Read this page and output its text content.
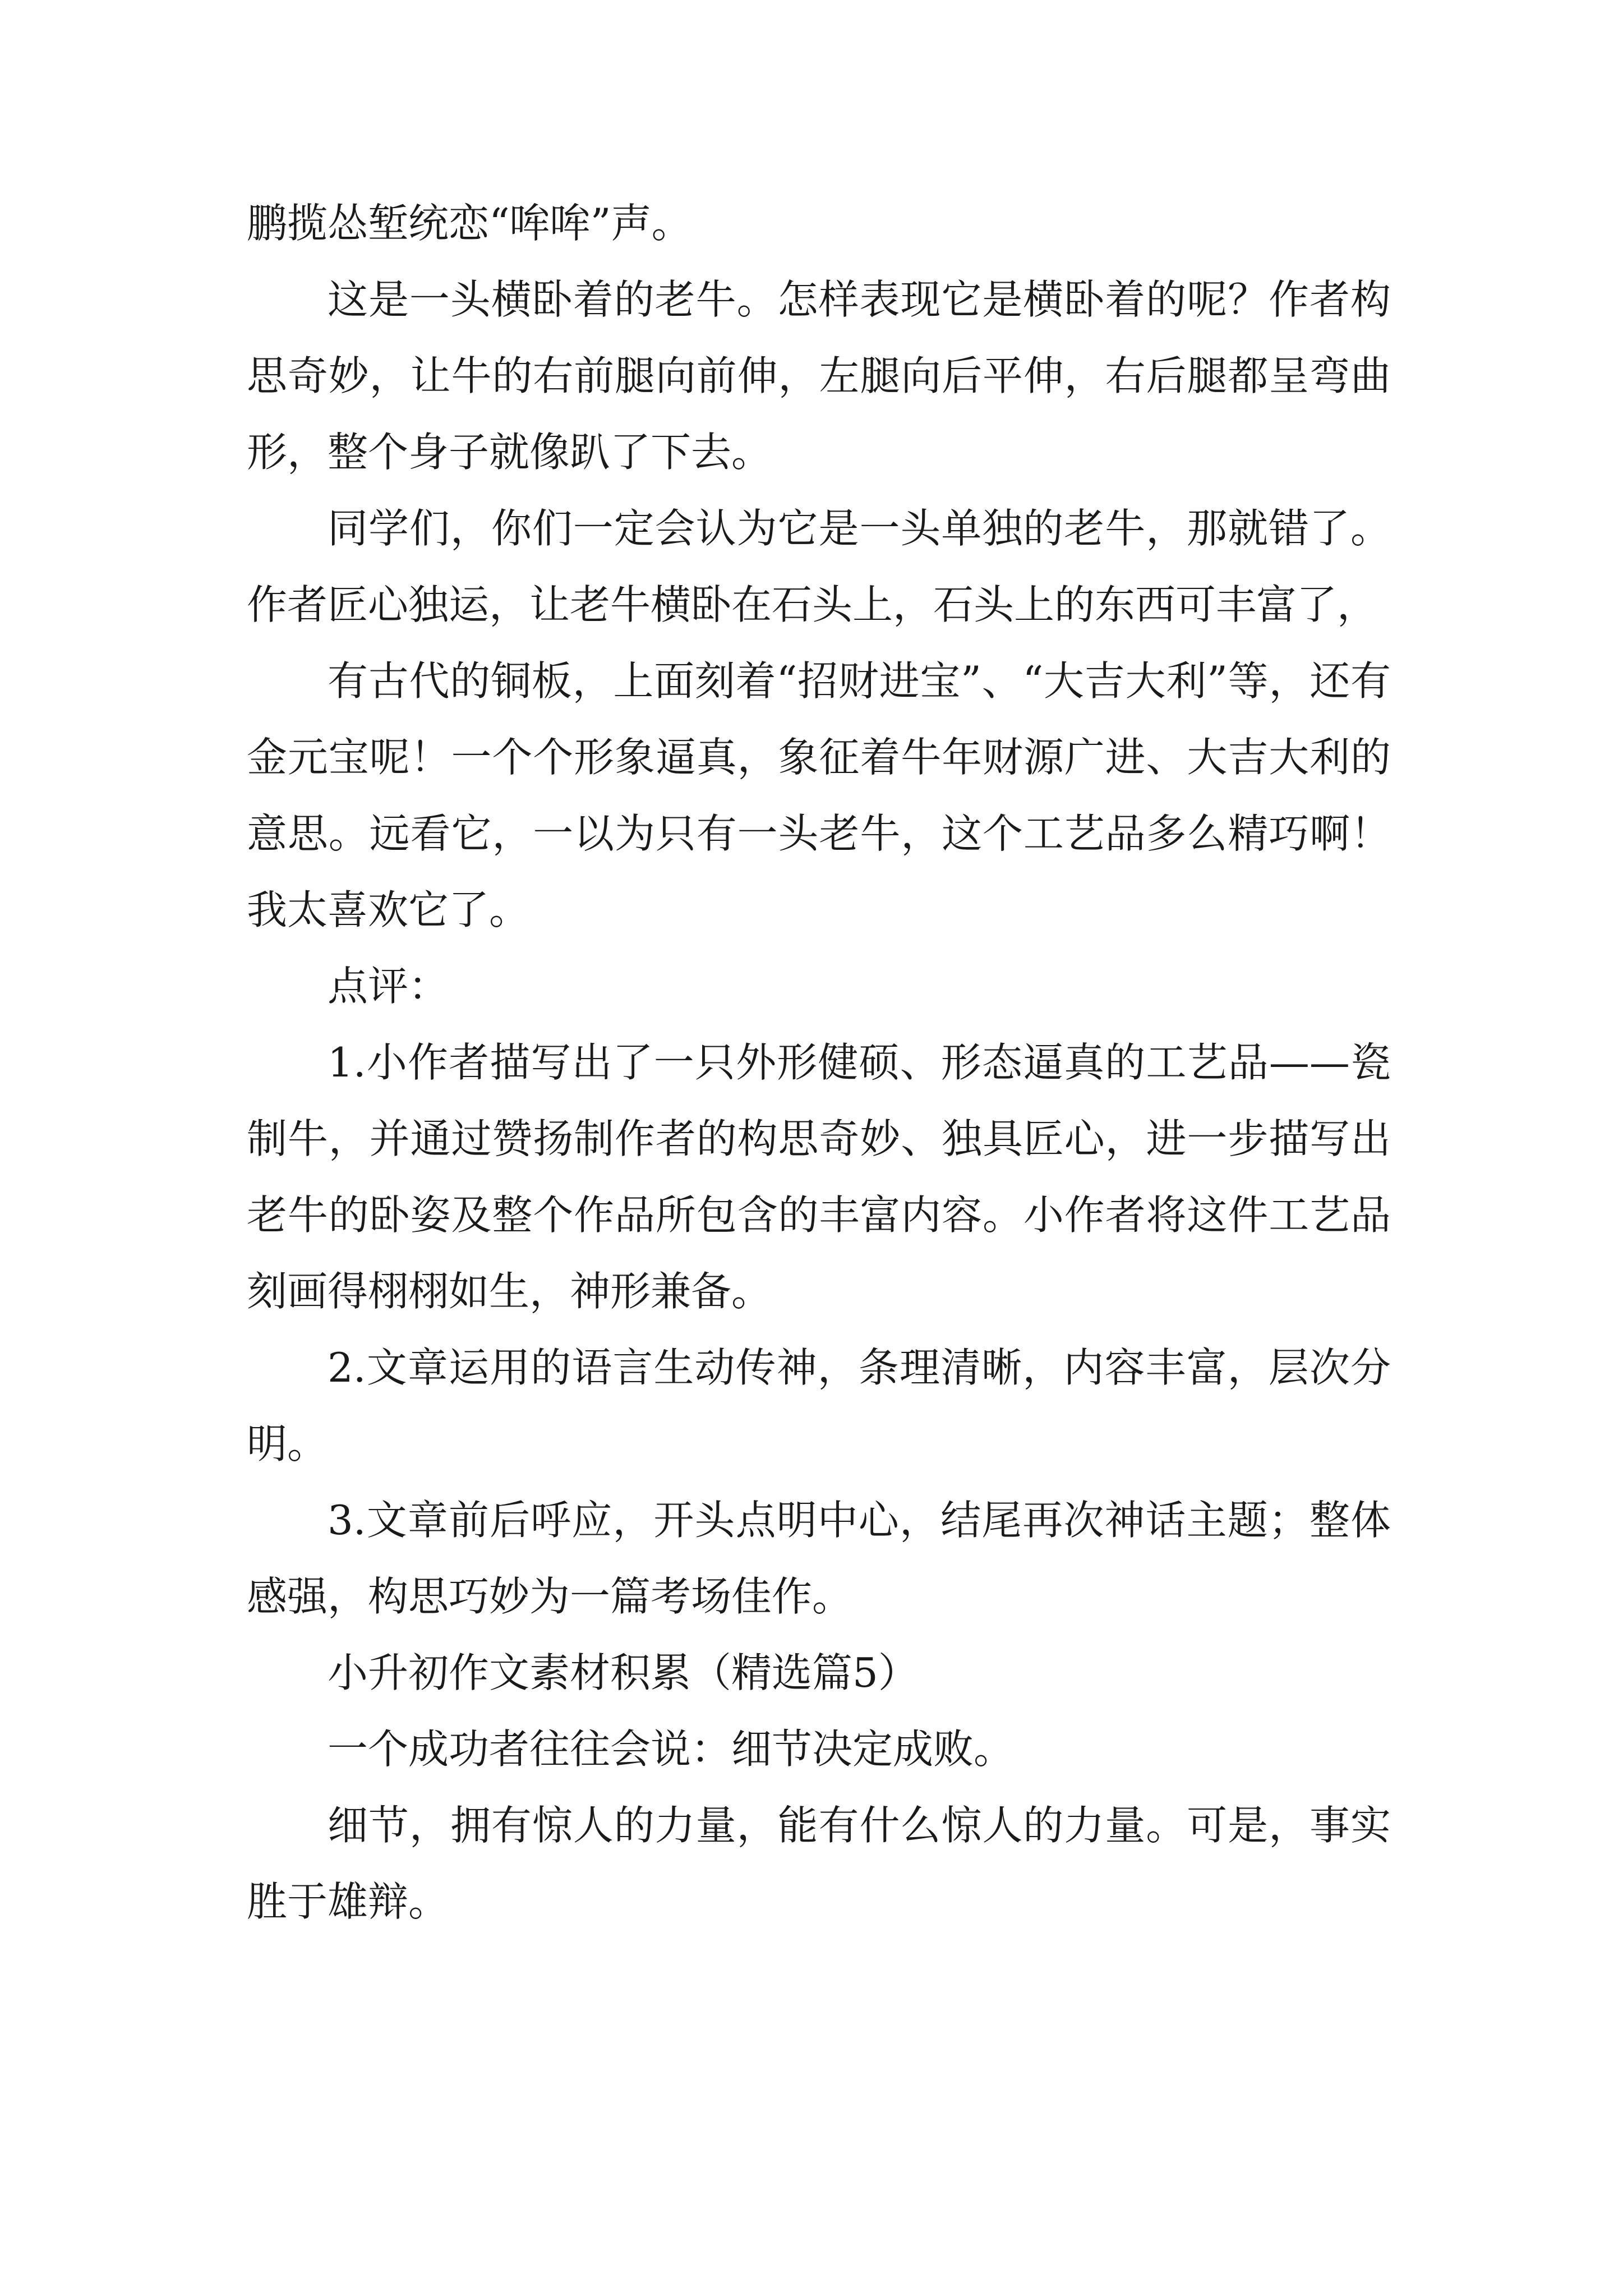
鹏揽怂堑统恋“哞哞”声。

这是一头横卧着的老牛。怎样表现它是横卧着的呢？作者构思奇妙，让牛的右前腿向前伸，左腿向后平伸，右后腿都呈弯曲形，整个身子就像趴了下去。

同学们，你们一定会认为它是一头单独的老牛，那就错了。作者匠心独运，让老牛横卧在石头上，石头上的东西可丰富了，

有古代的铜板，上面刻着“招财进宝”、“大吉大利”等，还有金元宝呢！一个个形象逼真，象征着牛年财源广进、大吉大利的意思。远看它，一以为只有一头老牛，这个工艺品多么精巧啊！我太喜欢它了。

点评：

1.小作者描写出了一只外形健硕、形态逼真的工艺品——瓷制牛，并通过赞扬制作者的构思奇妙、独具匠心，进一步描写出老牛的卧姿及整个作品所包含的丰富内容。小作者将这件工艺品刻画得栩栩如生，神形兼备。

2.文章运用的语言生动传神，条理清晰，内容丰富，层次分明。

3.文章前后呼应，开头点明中心，结尾再次神话主题；整体感强，构思巧妙为一篇考场佳作。

小升初作文素材积累（精选篇5）

一个成功者往往会说：细节决定成败。

细节，拥有惊人的力量，能有什么惊人的力量。可是，事实胜于雄辩。
